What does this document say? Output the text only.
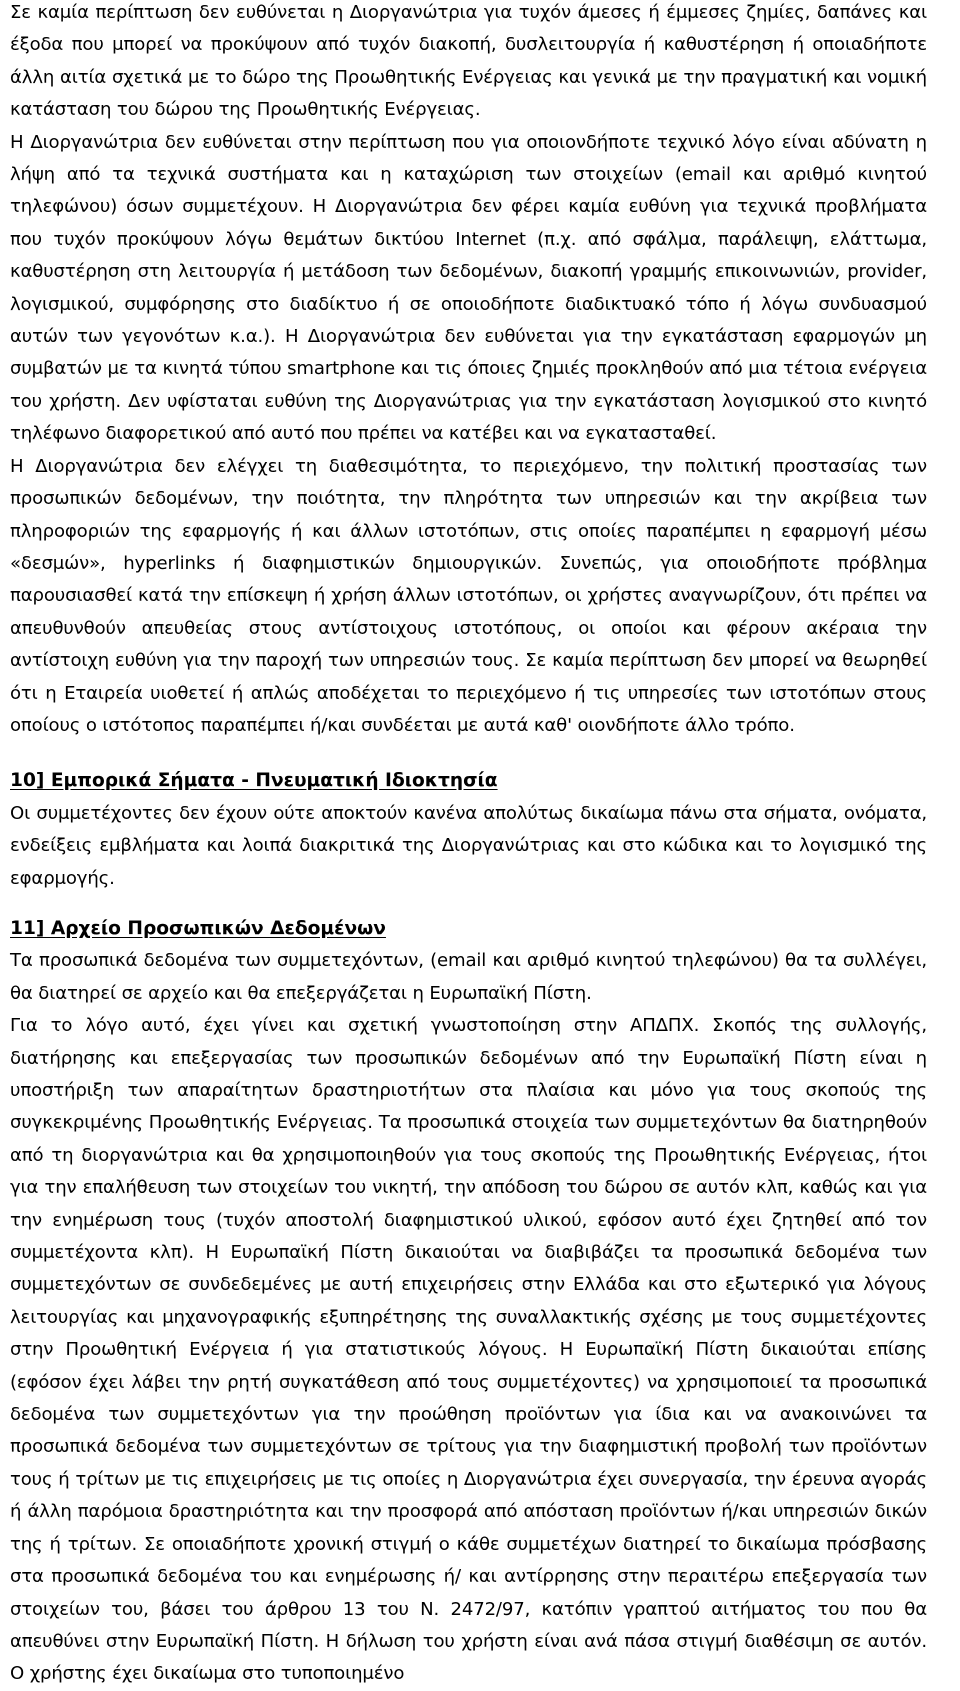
Σε καμία περίπτωση δεν ευθύνεται η Διοργανώτρια για τυχόν άμεσες ή έμμεσες ζημίες, δαπάνες και έξοδα που μπορεί να προκύψουν από τυχόν διακοπή, δυσλειτουργία ή καθυστέρηση ή οποιαδήποτε άλλη αιτία σχετικά με το δώρο της Προωθητικής Ενέργειας και γενικά με την πραγματική και νομική κατάσταση του δώρου της Προωθητικής Ενέργειας.

Η Διοργανώτρια δεν ευθύνεται στην περίπτωση που για οποιονδήποτε τεχνικό λόγο είναι αδύνατη η λήψη από τα τεχνικά συστήματα και η καταχώριση των στοιχείων (email και αριθμό κινητού τηλεφώνου) όσων συμμετέχουν. Η Διοργανώτρια δεν φέρει καμία ευθύνη για τεχνικά προβλήματα που τυχόν προκύψουν λόγω θεμάτων δικτύου Internet (π.χ. από σφάλμα, παράλειψη, ελάττωμα, καθυστέρηση στη λειτουργία ή μετάδοση των δεδομένων, διακοπή γραμμής επικοινωνιών, provider, λογισμικού, συμφόρησης στο διαδίκτυο ή σε οποιοδήποτε διαδικτυακό τόπο ή λόγω συνδυασμού αυτών των γεγονότων κ.α.). Η Διοργανώτρια δεν ευθύνεται για την εγκατάσταση εφαρμογών μη συμβατών με τα κινητά τύπου smartphone και τις όποιες ζημιές προκληθούν από μια τέτοια ενέργεια του χρήστη. Δεν υφίσταται ευθύνη της Διοργανώτριας για την εγκατάσταση λογισμικού στο κινητό τηλέφωνο διαφορετικού από αυτό που πρέπει να κατέβει και να εγκατασταθεί.

Η Διοργανώτρια δεν ελέγχει τη διαθεσιμότητα, το περιεχόμενο, την πολιτική προστασίας των προσωπικών δεδομένων, την ποιότητα, την πληρότητα των υπηρεσιών και την ακρίβεια των πληροφοριών της εφαρμογής ή και άλλων ιστοτόπων, στις οποίες παραπέμπει η εφαρμογή μέσω «δεσμών», hyperlinks ή διαφημιστικών δημιουργικών. Συνεπώς, για οποιοδήποτε πρόβλημα παρουσιασθεί κατά την επίσκεψη ή χρήση άλλων ιστοτόπων, οι χρήστες αναγνωρίζουν, ότι πρέπει να απευθυνθούν απευθείας στους αντίστοιχους ιστοτόπους, οι οποίοι και φέρουν ακέραια την αντίστοιχη ευθύνη για την παροχή των υπηρεσιών τους. Σε καμία περίπτωση δεν μπορεί να θεωρηθεί ότι η Εταιρεία υιοθετεί ή απλώς αποδέχεται το περιεχόμενο ή τις υπηρεσίες των ιστοτόπων στους οποίους ο ιστότοπος παραπέμπει ή/και συνδέεται με αυτά καθ' οιονδήποτε άλλο τρόπο.

10] Εμπορικά Σήματα - Πνευματική Ιδιοκτησία

Οι συμμετέχοντες δεν έχουν ούτε αποκτούν κανένα απολύτως δικαίωμα πάνω στα σήματα, ονόματα, ενδείξεις εμβλήματα και λοιπά διακριτικά της Διοργανώτριας και στο κώδικα και το λογισμικό της εφαρμογής.

11] Αρχείο Προσωπικών Δεδομένων

Τα προσωπικά δεδομένα των συμμετεχόντων, (email και αριθμό κινητού τηλεφώνου) θα τα συλλέγει, θα διατηρεί σε αρχείο και θα επεξεργάζεται η Ευρωπαϊκή Πίστη.

Για το λόγο αυτό, έχει γίνει και σχετική γνωστοποίηση στην ΑΠΔΠΧ. Σκοπός της συλλογής, διατήρησης και επεξεργασίας των προσωπικών δεδομένων από την Ευρωπαϊκή Πίστη είναι η υποστήριξη των απαραίτητων δραστηριοτήτων στα πλαίσια και μόνο για τους σκοπούς της συγκεκριμένης Προωθητικής Ενέργειας. Τα προσωπικά στοιχεία των συμμετεχόντων θα διατηρηθούν από τη διοργανώτρια και θα χρησιμοποιηθούν για τους σκοπούς της Προωθητικής Ενέργειας, ήτοι για την επαλήθευση των στοιχείων του νικητή, την απόδοση του δώρου σε αυτόν κλπ, καθώς και για την ενημέρωση τους (τυχόν αποστολή διαφημιστικού υλικού, εφόσον αυτό έχει ζητηθεί από τον συμμετέχοντα κλπ). Η Ευρωπαϊκή Πίστη δικαιούται να διαβιβάζει τα προσωπικά δεδομένα των συμμετεχόντων σε συνδεδεμένες με αυτή επιχειρήσεις στην Ελλάδα και στο εξωτερικό για λόγους λειτουργίας και μηχανογραφικής εξυπηρέτησης της συναλλακτικής σχέσης με τους συμμετέχοντες στην Προωθητική Ενέργεια ή για στατιστικούς λόγους. Η Ευρωπαϊκή Πίστη δικαιούται επίσης (εφόσον έχει λάβει την ρητή συγκατάθεση από τους συμμετέχοντες) να χρησιμοποιεί τα προσωπικά δεδομένα των συμμετεχόντων για την προώθηση προϊόντων για ίδια και να ανακοινώνει τα προσωπικά δεδομένα των συμμετεχόντων σε τρίτους για την διαφημιστική προβολή των προϊόντων τους ή τρίτων με τις επιχειρήσεις με τις οποίες η Διοργανώτρια έχει συνεργασία, την έρευνα αγοράς ή άλλη παρόμοια δραστηριότητα και την προσφορά από απόσταση προϊόντων ή/και υπηρεσιών δικών της ή τρίτων. Σε οποιαδήποτε χρονική στιγμή ο κάθε συμμετέχων διατηρεί το δικαίωμα πρόσβασης στα προσωπικά δεδομένα του και ενημέρωσης ή/ και αντίρρησης στην περαιτέρω επεξεργασία των στοιχείων του, βάσει του άρθρου 13 του Ν. 2472/97, κατόπιν γραπτού αιτήματος του που θα απευθύνει στην Ευρωπαϊκή Πίστη. Η δήλωση του χρήστη είναι ανά πάσα στιγμή διαθέσιμη σε αυτόν. Ο χρήστης έχει δικαίωμα στο τυποποιημένο
